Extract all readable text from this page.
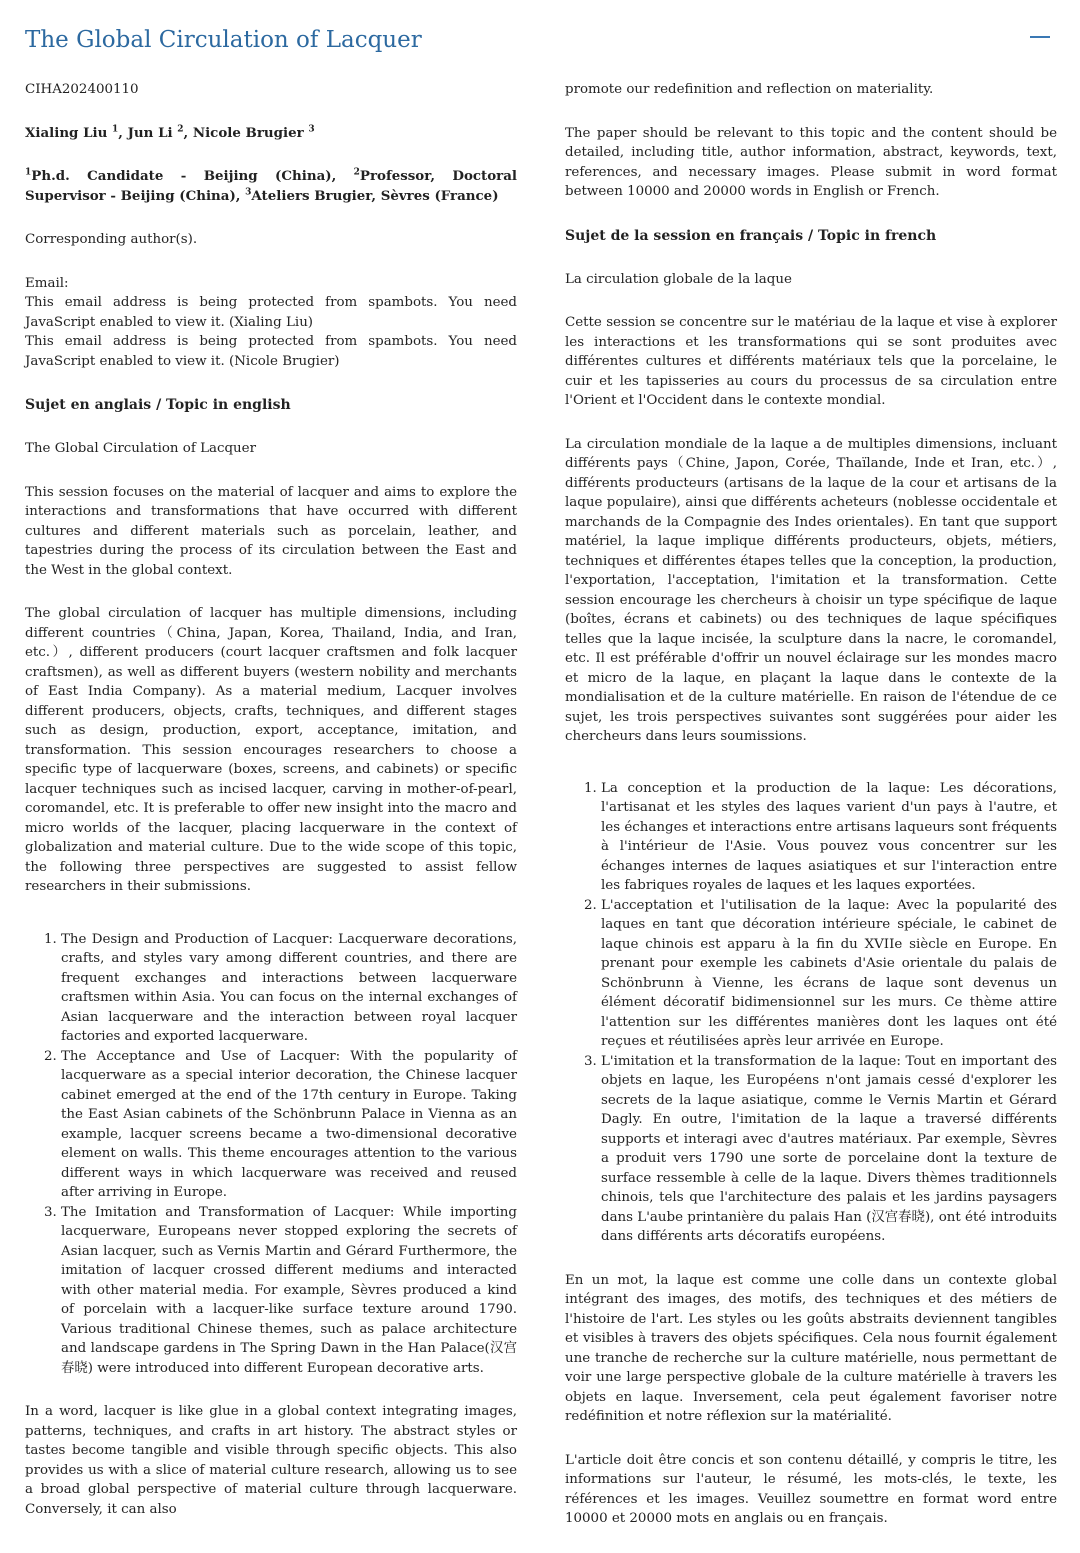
The Global Circulation of Lacquer

CIHA202400110

Xialing Liu $^1$, Jun Li $^2$, Nicole Brugier $^3$

$^1$Ph.d. Candidate - Beijing (China), $^2$Professor, Doctoral Supervisor - Beijing (China), $^3$Ateliers Brugier, Sèvres (France)

Corresponding author(s).

Email:

This email address is being protected from spambots. You need JavaScript enabled to view it. (Xialing Liu)

This email address is being protected from spambots. You need JavaScript enabled to view it. (Nicole Brugier)

Sujet en anglais / Topic in english

The Global Circulation of Lacquer

This session focuses on the material of lacquer and aims to explore the interactions and transformations that have occurred with different cultures and different materials such as porcelain, leather, and tapestries during the process of its circulation between the East and the West in the global context.

The global circulation of lacquer has multiple dimensions, including different countries（China, Japan, Korea, Thailand, India, and Iran, etc.）, different producers (court lacquer craftsmen and folk lacquer craftsmen), as well as different buyers (western nobility and merchants of East India Company). As a material medium, Lacquer involves different producers, objects, crafts, techniques, and different stages such as design, production, export, acceptance, imitation, and transformation. This session encourages researchers to choose a specific type of lacquerware (boxes, screens, and cabinets) or specific lacquer techniques such as incised lacquer, carving in mother-of-pearl, coromandel, etc. It is preferable to offer new insight into the macro and micro worlds of the lacquer, placing lacquerware in the context of globalization and material culture. Due to the wide scope of this topic, the following three perspectives are suggested to assist fellow researchers in their submissions.

1. The Design and Production of Lacquer: Lacquerware decorations, crafts, and styles vary among different countries, and there are frequent exchanges and interactions between lacquerware craftsmen within Asia. You can focus on the internal exchanges of Asian lacquerware and the interaction between royal lacquer factories and exported lacquerware.
2. The Acceptance and Use of Lacquer: With the popularity of lacquerware as a special interior decoration, the Chinese lacquer cabinet emerged at the end of the 17th century in Europe. Taking the East Asian cabinets of the Schönbrunn Palace in Vienna as an example, lacquer screens became a two-dimensional decorative element on walls. This theme encourages attention to the various different ways in which lacquerware was received and reused after arriving in Europe.
3. The Imitation and Transformation of Lacquer: While importing lacquerware, Europeans never stopped exploring the secrets of Asian lacquer, such as Vernis Martin and Gérard Furthermore, the imitation of lacquer crossed different mediums and interacted with other material media. For example, Sèvres produced a kind of porcelain with a lacquer-like surface texture around 1790. Various traditional Chinese themes, such as palace architecture and landscape gardens in The Spring Dawn in the Han Palace(汉宫春晓) were introduced into different European decorative arts.

In a word, lacquer is like glue in a global context integrating images, patterns, techniques, and crafts in art history. The abstract styles or tastes become tangible and visible through specific objects. This also provides us with a slice of material culture research, allowing us to see a broad global perspective of material culture through lacquerware. Conversely, it can also

promote our redefinition and reflection on materiality.

The paper should be relevant to this topic and the content should be detailed, including title, author information, abstract, keywords, text, references, and necessary images. Please submit in word format between 10000 and 20000 words in English or French.

Sujet de la session en français / Topic in french

La circulation globale de la laque

Cette session se concentre sur le matériau de la laque et vise à explorer les interactions et les transformations qui se sont produites avec différentes cultures et différents matériaux tels que la porcelaine, le cuir et les tapisseries au cours du processus de sa circulation entre l'Orient et l'Occident dans le contexte mondial.

La circulation mondiale de la laque a de multiples dimensions, incluant différents pays（Chine, Japon, Corée, Thaïlande, Inde et Iran, etc.）, différents producteurs (artisans de la laque de la cour et artisans de la laque populaire), ainsi que différents acheteurs (noblesse occidentale et marchands de la Compagnie des Indes orientales). En tant que support matériel, la laque implique différents producteurs, objets, métiers, techniques et différentes étapes telles que la conception, la production, l'exportation, l'acceptation, l'imitation et la transformation. Cette session encourage les chercheurs à choisir un type spécifique de laque (boîtes, écrans et cabinets) ou des techniques de laque spécifiques telles que la laque incisée, la sculpture dans la nacre, le coromandel, etc. Il est préférable d'offrir un nouvel éclairage sur les mondes macro et micro de la laque, en plaçant la laque dans le contexte de la mondialisation et de la culture matérielle. En raison de l'étendue de ce sujet, les trois perspectives suivantes sont suggérées pour aider les chercheurs dans leurs soumissions.

1. La conception et la production de la laque: Les décorations, l'artisanat et les styles des laques varient d'un pays à l'autre, et les échanges et interactions entre artisans laqueurs sont fréquents à l'intérieur de l'Asie. Vous pouvez vous concentrer sur les échanges internes de laques asiatiques et sur l'interaction entre les fabriques royales de laques et les laques exportées.
2. L'acceptation et l'utilisation de la laque: Avec la popularité des laques en tant que décoration intérieure spéciale, le cabinet de laque chinois est apparu à la fin du XVIIe siècle en Europe. En prenant pour exemple les cabinets d'Asie orientale du palais de Schönbrunn à Vienne, les écrans de laque sont devenus un élément décoratif bidimensionnel sur les murs. Ce thème attire l'attention sur les différentes manières dont les laques ont été reçues et réutilisées après leur arrivée en Europe.
3. L'imitation et la transformation de la laque: Tout en important des objets en laque, les Européens n'ont jamais cessé d'explorer les secrets de la laque asiatique, comme le Vernis Martin et Gérard Dagly. En outre, l'imitation de la laque a traversé différents supports et interagi avec d'autres matériaux. Par exemple, Sèvres a produit vers 1790 une sorte de porcelaine dont la texture de surface ressemble à celle de la laque. Divers thèmes traditionnels chinois, tels que l'architecture des palais et les jardins paysagers dans L'aube printanière du palais Han (汉宫春晓), ont été introduits dans différents arts décoratifs européens.

En un mot, la laque est comme une colle dans un contexte global intégrant des images, des motifs, des techniques et des métiers de l'histoire de l'art. Les styles ou les goûts abstraits deviennent tangibles et visibles à travers des objets spécifiques. Cela nous fournit également une tranche de recherche sur la culture matérielle, nous permettant de voir une large perspective globale de la culture matérielle à travers les objets en laque. Inversement, cela peut également favoriser notre redéfinition et notre réflexion sur la matérialité.

L'article doit être concis et son contenu détaillé, y compris le titre, les informations sur l'auteur, le résumé, les mots-clés, le texte, les références et les images. Veuillez soumettre en format word entre 10000 et 20000 mots en anglais ou en français.
